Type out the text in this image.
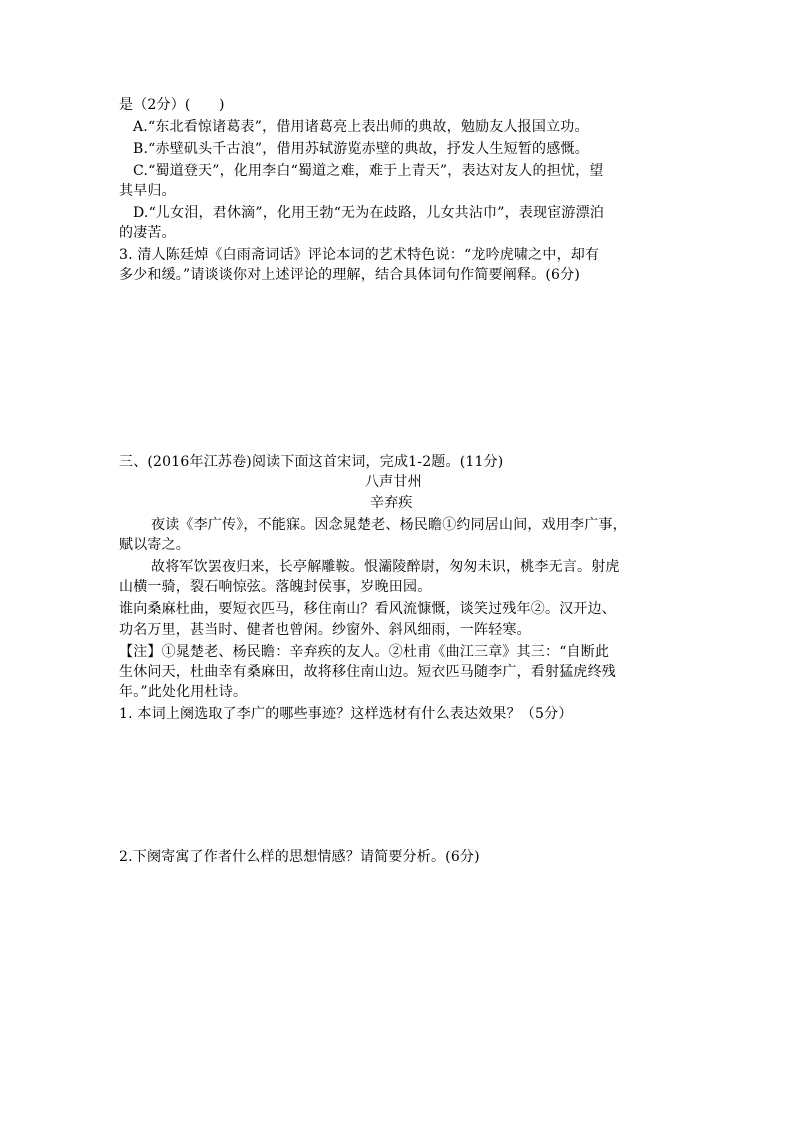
是（2分）(　　)
A.“东北看惊诸葛表”，借用诸葛亮上表出师的典故，勉励友人报国立功。
B.“赤壁矶头千古浪”，借用苏轼游览赤壁的典故，抒发人生短暂的感慨。
C.“蜀道登天”，化用李白“蜀道之难，难于上青天”，表达对友人的担忧，望
其早归。
D.“儿女泪，君休滴”，化用王勃“无为在歧路，儿女共沾巾”，表现宦游漂泊
的凄苦。
3. 清人陈廷焯《白雨斋词话》评论本词的艺术特色说：“龙吟虎啸之中，却有
多少和缓。”请谈谈你对上述评论的理解，结合具体词句作简要阐释。(6分)
三、(2016年江苏卷)阅读下面这首宋词，完成1-2题。(11分)
八声甘州
辛弃疾
夜读《李广传》，不能寐。因念晁楚老、杨民瞻①约同居山间，戏用李广事，
赋以寄之。
故将军饮罢夜归来，长亭解雕鞍。恨灞陵醉尉，匆匆未识，桃李无言。射虎
山横一骑，裂石响惊弦。落魄封侯事，岁晚田园。
谁向桑麻杜曲，要短衣匹马，移住南山？看风流慷慨，谈笑过残年②。汉开边、
功名万里，甚当时、健者也曾闲。纱窗外、斜风细雨，一阵轻寒。
【注】①晁楚老、杨民瞻：辛弃疾的友人。②杜甫《曲江三章》其三：“自断此
生休问天，杜曲幸有桑麻田，故将移住南山边。短衣匹马随李广，看射猛虎终残
年。”此处化用杜诗。
1. 本词上阕选取了李广的哪些事迹？这样选材有什么表达效果？（5分）
2.下阕寄寓了作者什么样的思想情感？请简要分析。(6分)
